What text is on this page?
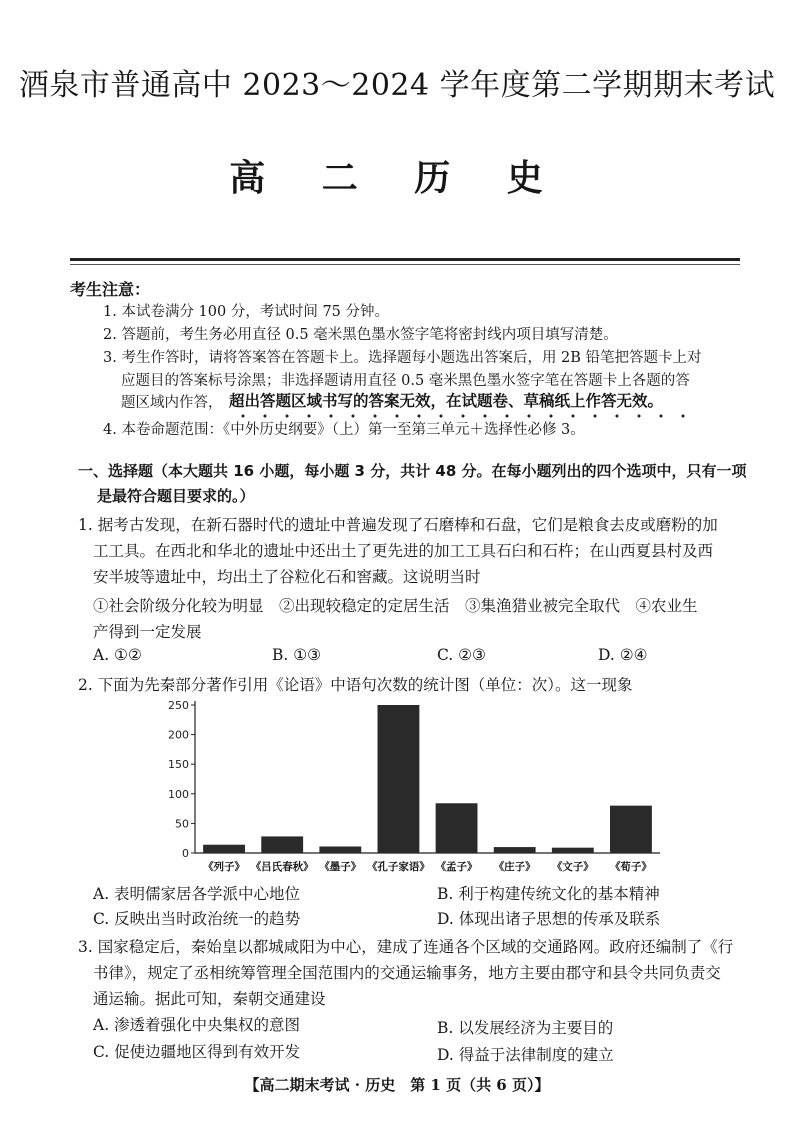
酒泉市普通高中 2023～2024 学年度第二学期期末考试
高 二 历 史
考生注意：
1. 本试卷满分 100 分，考试时间 75 分钟。
2. 答题前，考生务必用直径 0.5 毫米黑色墨水签字笔将密封线内项目填写清楚。
3. 考生作答时，请将答案答在答题卡上。选择题每小题选出答案后，用 2B 铅笔把答题卡上对
应题目的答案标号涂黑；非选择题请用直径 0.5 毫米黑色墨水签字笔在答题卡上各题的答
题区域内作答， 超出答题区域书写的答案无效，在试题卷、草稿纸上作答无效。
4. 本卷命题范围：《中外历史纲要》（上）第一至第三单元＋选择性必修 3。
一、选择题（本大题共 16 小题，每小题 3 分，共计 48 分。在每小题列出的四个选项中，只有一项
是最符合题目要求的。）
1. 据考古发现，在新石器时代的遗址中普遍发现了石磨棒和石盘，它们是粮食去皮或磨粉的加
工工具。在西北和华北的遗址中还出土了更先进的加工工具石臼和石杵；在山西夏县村及西
安半坡等遗址中，均出土了谷粒化石和窖藏。这说明当时
①社会阶级分化较为明显　②出现较稳定的定居生活　③集渔猎业被完全取代　④农业生
产得到一定发展
A. ①②	B. ①③	C. ②③	D. ②④
2. 下面为先秦部分著作引用《论语》中语句次数的统计图（单位：次）。这一现象
0
50
100
150
200
250
《列子》 《吕氏春秋》 《墨子》 《孔子家语》 《孟子》 《庄子》 《文子》 《荀子》
A. 表明儒家居各学派中心地位	B. 利于构建传统文化的基本精神
C. 反映出当时政治统一的趋势	D. 体现出诸子思想的传承及联系
3. 国家稳定后，秦始皇以都城咸阳为中心，建成了连通各个区域的交通路网。政府还编制了《行
书律》，规定了丞相统筹管理全国范围内的交通运输事务，地方主要由郡守和县令共同负责交
通运输。据此可知，秦朝交通建设
A. 渗透着强化中央集权的意图	B. 以发展经济为主要目的
C. 促使边疆地区得到有效开发	D. 得益于法律制度的建立
【高二期末考试 · 历史　第 1 页（共 6 页）】
